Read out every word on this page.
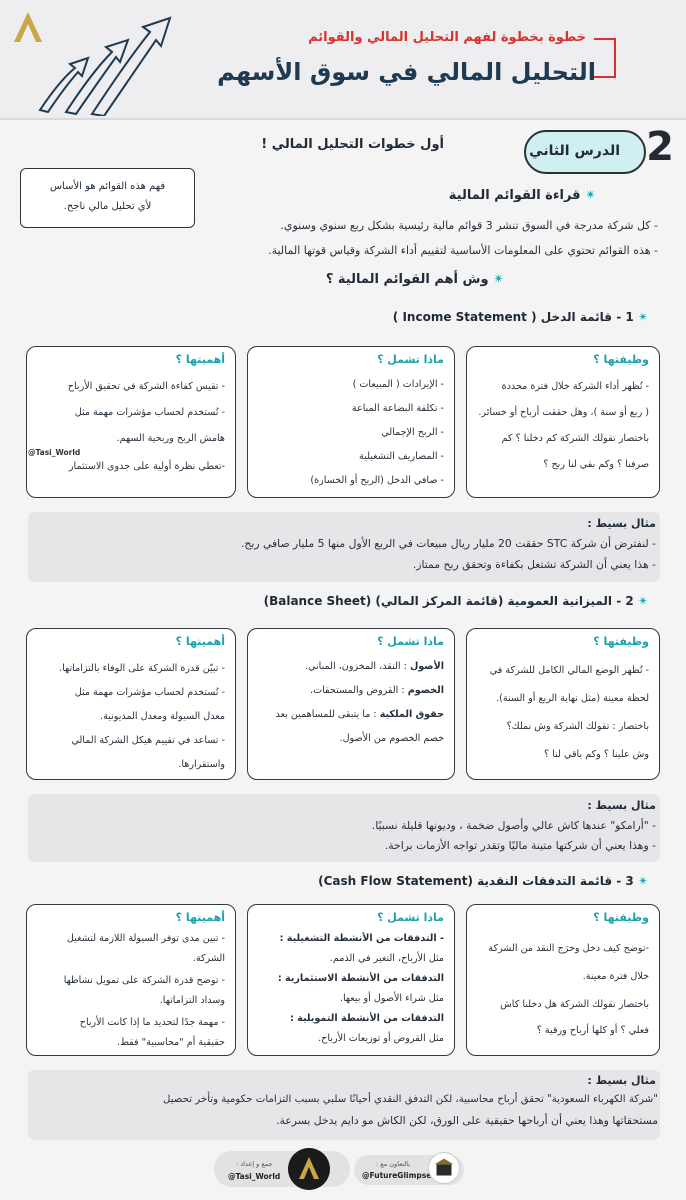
خطوة بخطوة لفهم التحليل المالي والقوائم
التحليل المالي في سوق الأسهم
2
الدرس الثاني
أول خطوات التحليل المالي !
فهم هذه القوائم هو الأساس
لأي تحليل مالي ناجح.
✴ قراءة القوائم المالية
- كل شركة مدرجة في السوق تنشر 3 قوائم مالية رئيسية بشكل ربع سنوي وسنوي.
- هذه القوائم تحتوي على المعلومات الأساسية لتقييم أداء الشركة وقياس قوتها المالية.
✴ وش أهم القوائم المالية ؟
✴ 1 - قائمة الدخل ( Income Statement )
وظيفتها ؟
- تُظهر أداء الشركة خلال فترة محددة
( ربع أو سنة )، وهل حققت أرباح أو خسائر.
باختصار تقولك الشركة كم دخلنا ؟ كم
صرفنا ؟ وكم بقي لنا ربح ؟
ماذا تشمل ؟
- الإيرادات ( المبيعات )
- تكلفة البضاعة المباعة
- الربح الإجمالي
- المصاريف التشغيلية
- صافي الدخل (الربح أو الخسارة)
أهميتها ؟
- تقيس كفاءة الشركة في تحقيق الأرباح
- تُستخدم لحساب مؤشرات مهمة مثل
هامش الربح وربحية السهم.
-تعطي نظرة أولية على جدوى الاستثمار
@Tasi_World
مثال بسيط :
- لنفترض أن شركة STC حققت 20 مليار ريال مبيعات في الربع الأول منها 5 مليار صافي ربح.
- هذا يعني أن الشركة تشتغل بكفاءة وتحقق ربح ممتاز.
✴ 2 - الميزانية العمومية (قائمة المركز المالي) (Balance Sheet)
وظيفتها ؟
- تُظهر الوضع المالي الكامل للشركة في
لحظة معينة (مثل نهاية الربع أو السنة).
باختصار : تقولك الشركة وش نملك؟
وش علينا ؟ وكم باقي لنا ؟
ماذا تشمل ؟
الأصول : النقد، المخزون، المباني.
الخصوم : القروض والمستحقات.
حقوق الملكية : ما يتبقى للمساهمين بعد
خصم الخصوم من الأصول.
أهميتها ؟
- تبيّن قدرة الشركة على الوفاء بالتزاماتها.
- تُستخدم لحساب مؤشرات مهمة مثل
معدل السيولة ومعدل المديونية.
- تساعد في تقييم هيكل الشركة المالي
واستقرارها.
مثال بسيط :
- "أرامكو" عندها كاش عالي وأصول ضخمة ، وديونها قليلة نسبيًا.
- وهذا يعني أن شركتها متينة ماليًا وتقدر تواجه الأزمات براحة.
✴ 3 - قائمة التدفقات النقدية (Cash Flow Statement)
وظيفتها ؟
-توضح كيف دخل وخرَج النقد من الشركة
خلال فترة معينة.
باختصار تقولك الشركة هل دخلنا كاش
فعلي ؟ أو كلها أرباح ورقية ؟
ماذا تشمل ؟
- التدفقات من الأنشطة التشغيلية :
مثل الأرباح، التغير في الذمم.
التدفقات من الأنشطة الاستثمارية :
مثل شراء الأصول أو بيعها.
التدفقات من الأنشطة التمويلية :
مثل القروض أو توزيعات الأرباح.
أهميتها ؟
- تبين مدى توفر السيولة اللازمة لتشغيل
الشركة.
- توضح قدرة الشركة على تمويل نشاطها
وسداد التزاماتها.
- مهمة جدًا لتحديد ما إذا كانت الأرباح
حقيقية أم "محاسبية" فقط.
مثال بسيط :
"شركة الكهرباء السعودية" تحقق أرباح محاسبية، لكن التدفق النقدي أحيانًا سلبي بسبب التزامات حكومية وتأخر تحصيل
مستحقاتها وهذا يعني أن أرباحها حقيقية على الورق، لكن الكاش مو دايم يدخل بسرعة.
جمع و إعداد :
@Tasi_World
بالتعاون مع :
@FutureGlimpse
